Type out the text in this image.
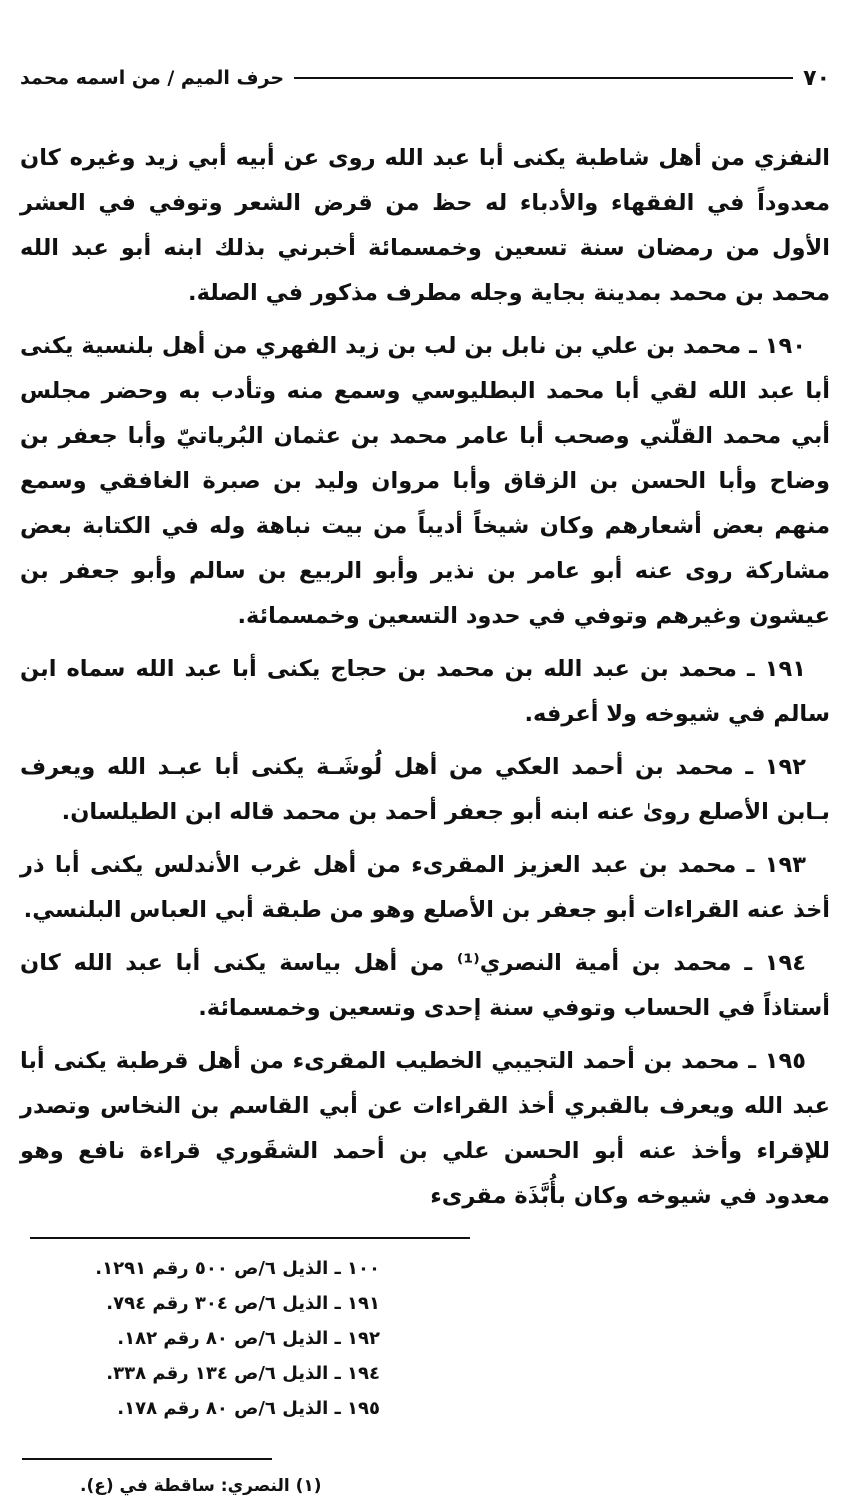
٧٠
حرف الميم / من اسمه محمد

النفزي من أهل شاطبة يكنى أبا عبد الله روى عن أبيه أبي زيد وغيره كان معدوداً في الفقهاء والأدباء له حظ من قرض الشعر وتوفي في العشر الأول من رمضان سنة تسعين وخمسمائة أخبرني بذلك ابنه أبو عبد الله محمد بن محمد بمدينة بجاية وجله مطرف مذكور في الصلة.

١٩٠ ـ محمد بن علي بن نابل بن لب بن زيد الفهري من أهل بلنسية يكنى أبا عبد الله لقي أبا محمد البطليوسي وسمع منه وتأدب به وحضر مجلس أبي محمد القلّني وصحب أبا عامر محمد بن عثمان البُرياتيّ وأبا جعفر بن وضاح وأبا الحسن بن الزقاق وأبا مروان وليد بن صبرة الغافقي وسمع منهم بعض أشعارهم وكان شيخاً أديباً من بيت نباهة وله في الكتابة بعض مشاركة روى عنه أبو عامر بن نذير وأبو الربيع بن سالم وأبو جعفر بن عيشون وغيرهم وتوفي في حدود التسعين وخمسمائة.

١٩١ ـ محمد بن عبد الله بن محمد بن حجاج يكنى أبا عبد الله سماه ابن سالم في شيوخه ولا أعرفه.

١٩٢ ـ محمد بن أحمد العكي من أهل لُوشَـة يكنى أبا عبـد الله ويعرف بـابن الأصلع روىٰ عنه ابنه أبو جعفر أحمد بن محمد قاله ابن الطيلسان.

١٩٣ ـ محمد بن عبد العزيز المقرىء من أهل غرب الأندلس يكنى أبا ذر أخذ عنه القراءات أبو جعفر بن الأصلع وهو من طبقة أبي العباس البلنسي.

١٩٤ ـ محمد بن أمية النصري⁽¹⁾ من أهل بياسة يكنى أبا عبد الله كان أستاذاً في الحساب وتوفي سنة إحدى وتسعين وخمسمائة.

١٩٥ ـ محمد بن أحمد التجيبي الخطيب المقرىء من أهل قرطبة يكنى أبا عبد الله ويعرف بالقبري أخذ القراءات عن أبي القاسم بن النخاس وتصدر للإقراء وأخذ عنه أبو الحسن علي بن أحمد الشقَوري قراءة نافع وهو معدود في شيوخه وكان بأُبَّذَة مقرىء

١٠٠ ـ الذيل ٦/ص ٥٠٠ رقم ١٢٩١.
١٩١ ـ الذيل ٦/ص ٣٠٤ رقم ٧٩٤.
١٩٢ ـ الذيل ٦/ص ٨٠ رقم ١٨٢.
١٩٤ ـ الذيل ٦/ص ١٣٤ رقم ٣٣٨.
١٩٥ ـ الذيل ٦/ص ٨٠ رقم ١٧٨.
(١) النصري: ساقطة في (ع).
